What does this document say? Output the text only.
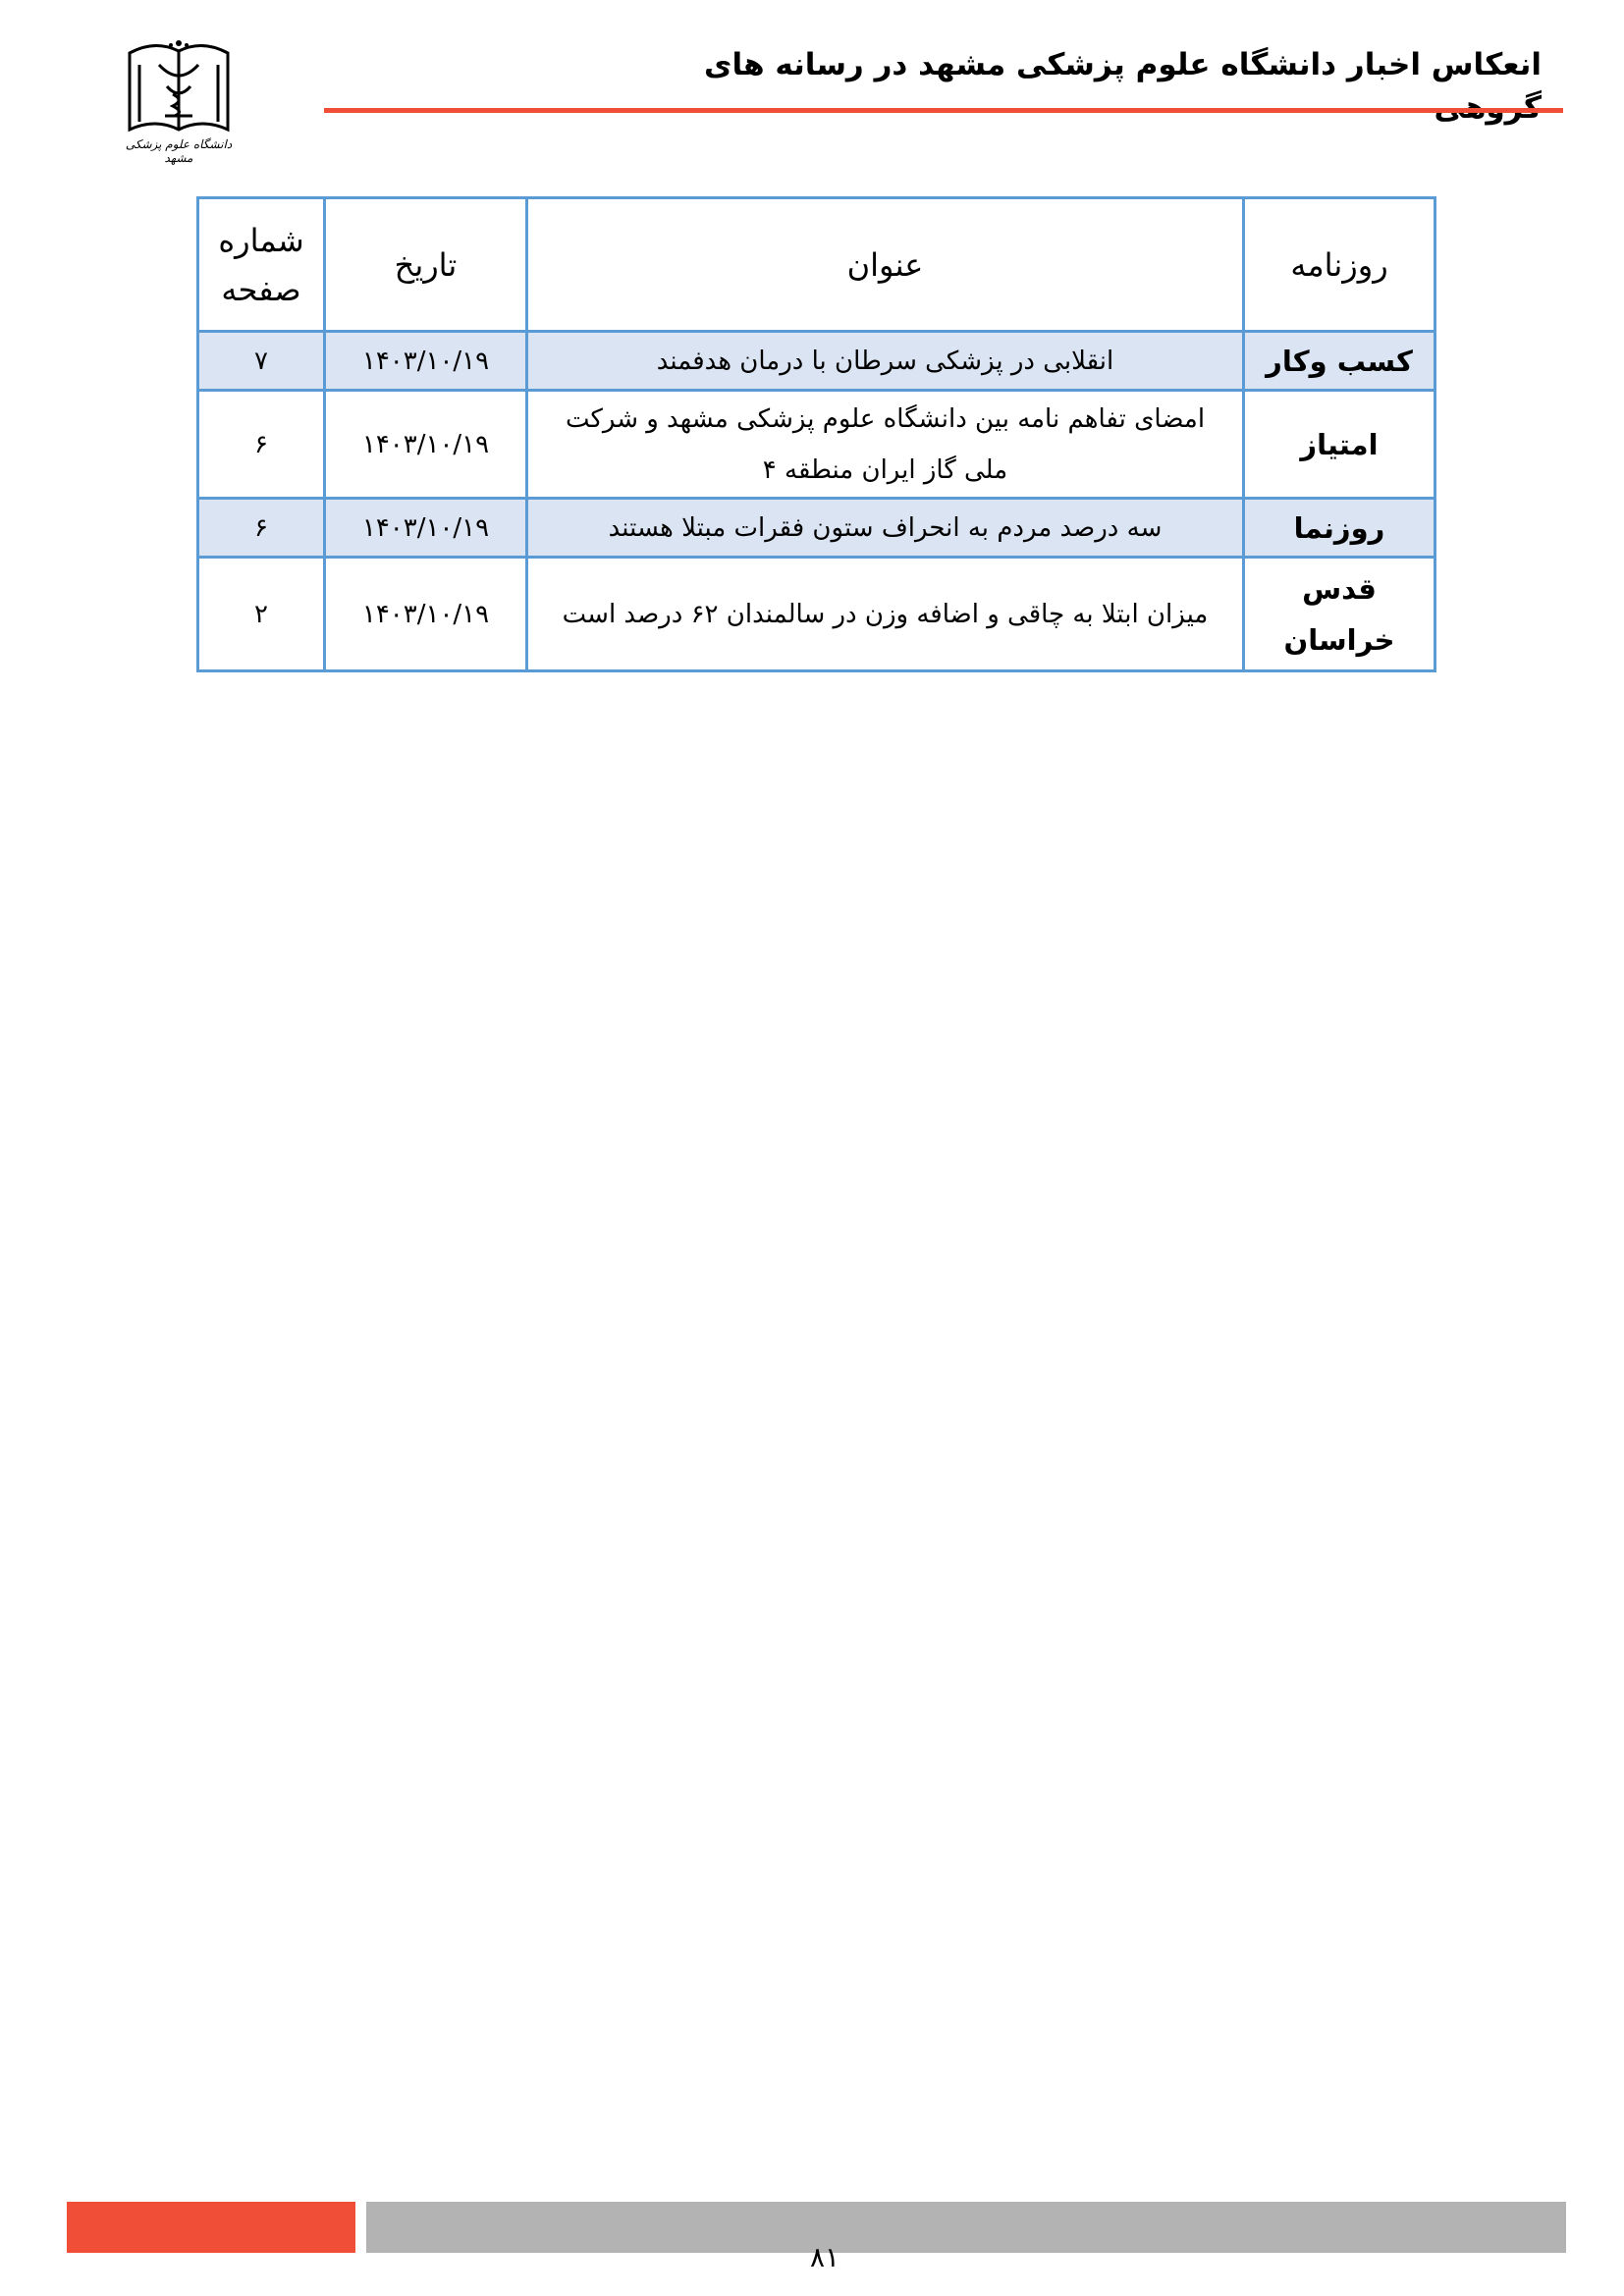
دانشگاه علوم پزشکی مشهد
انعکاس اخبار دانشگاه علوم پزشکی مشهد در رسانه های
روزنامه	عنوان	تاریخ	شماره صفحه
کسب وکار	انقلابی در پزشکی سرطان با درمان هدفمند	۱۴۰۳/۱۰/۱۹	۷
امتیاز	امضای تفاهم نامه بین دانشگاه علوم پزشکی مشهد و شرکت ملی گاز ایران منطقه ۴	۱۴۰۳/۱۰/۱۹	۶
روزنما	سه درصد مردم به انحراف ستون فقرات مبتلا هستند	۱۴۰۳/۱۰/۱۹	۶
قدس خراسان	میزان ابتلا به چاقی و اضافه وزن در سالمندان ۶۲ درصد است	۱۴۰۳/۱۰/۱۹	۲
۸۱
